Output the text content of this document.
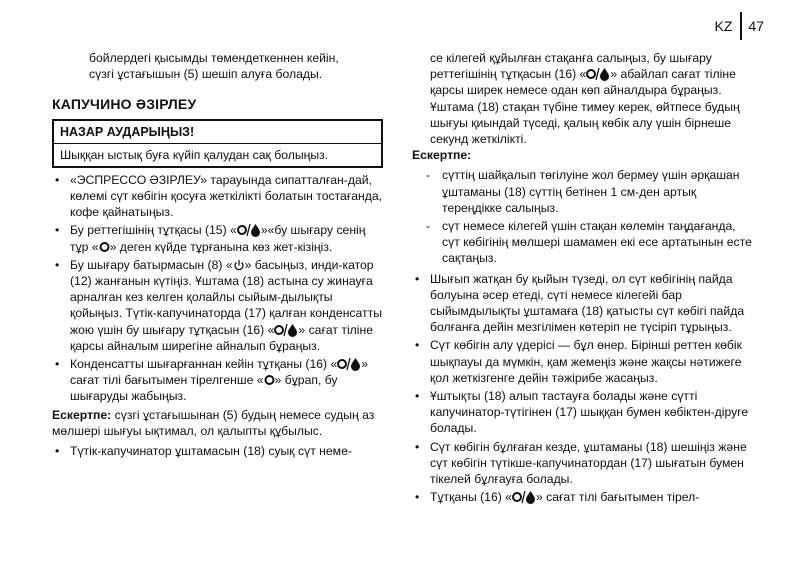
KZ 47

бойлердегі қысымды төмендеткеннен кейін,

сүзгі ұстағышын (5) шешіп алуға болады.

КАПУЧИНО ӘЗІРЛЕУ
НАЗАР АУДАРЫҢЫЗ!
Шыққан ыстық буға күйіп қалудан сақ болыңыз.
• «ЭСПРЕССО ӘЗІРЛЕУ» тарауында сипатталған-дай, көлемі сүт көбігін қосуға жеткілікті болатын тостағанда, кофе қайнатыңыз.
• Бу реттегішінің тұтқасы (15) « »«бу шығару сенің тұр « » деген күйде тұрғанына көз жет-кізіңіз.
• Бу шығару батырмасын (8) « » басыңыз, инди-катор (12) жанғанын күтіңіз. Ұштама (18) астына су жинауға арналған кез келген қолайлы сыйым-дылықты қойыңыз. Түтік-капучинаторда (17) қалған конденсатты жою үшін бу шығару тұтқасын (16) « » сағат тіліне қарсы айналым ширегіне айналып бұраңыз.
• Конденсатты шығарғаннан кейін тұтқаны (16) « » сағат тілі бағытымен тірелгенше « » бұрап, бу шығаруды жабыңыз.

Ескертпе: сүзгі ұстағышынан (5) будың немесе судың аз мөлшері шығуы ықтимал, ол қалыпты құбылыс.

• Түтік-капучинатор ұштамасын (18) суық сүт неме-

се кілегей құйылған стақанға салыңыз, бу шығару реттегішінің тұтқасын (16) « » абайлап сағат тіліне қарсы ширек немесе одан көп айналдыра бұраңыз. Ұштама (18) стақан түбіне тимеу керек, өйтпесе будың шығуы қиындай түседі, қалың көбік алу үшін бірнеше секунд жеткілікті.

Ескертпе:

- сүттің шайқалып төгілуіне жол бермеу үшін әрқашан ұштаманы (18) сүттің бетінен 1 см-ден артық тереңдікке салыңыз.
- сүт немесе кілегей үшін стақан көлемін таңдағанда, сүт көбігінің мөлшері шамамен екі есе артатынын есте сақтаңыз.
• Шығып жатқан бу қыйын түзеді, ол сүт көбігінің пайда болуына әсер етеді, сүті немесе кілегейі бар сыйымдылықты ұштамаға (18) қатысты сүт көбігі пайда болғанға дейін мезгілімен көтеріп не түсіріп тұрыңыз.
• Сүт көбігін алу үдерісі — бұл өнер. Бірінші реттен көбік шықпауы да мүмкін, қам жемеңіз және жақсы нәтижеге қол жеткізгенге дейін тәжірибе жасаңыз.
• Ұштықты (18) алып тастауға болады және сүтті капучинатор-түтігінен (17) шыққан бумен көбіктен-діруге болады.
• Сүт көбігін бұлғаған кезде, ұштаманы (18) шешіңіз және сүт көбігін түтікше-капучинатордан (17) шығатын бумен тікелей бұлғауға болады.
• Тұтқаны (16) « » сағат тілі бағытымен тірел-
